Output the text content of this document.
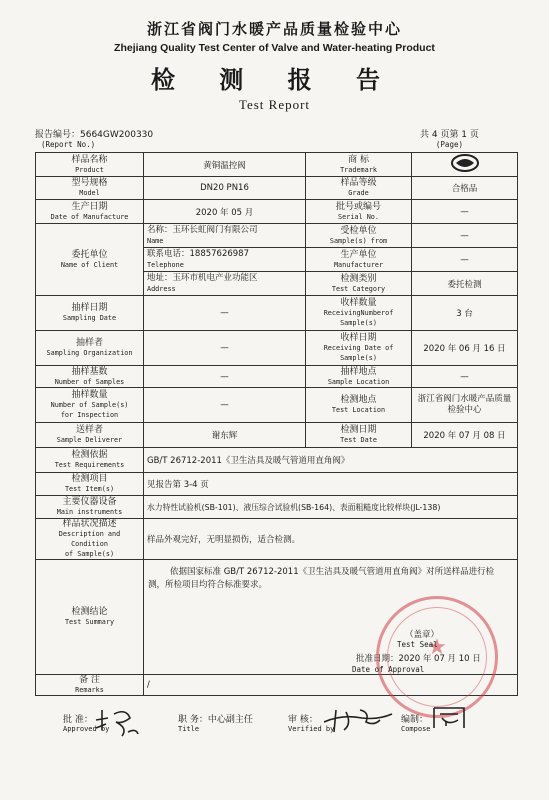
浙江省阀门水暖产品质量检验中心
Zhejiang Quality Test Center of Valve and Water-heating Product
检 测 报 告
Test Report
报告编号：5664GW200330
(Report No.)
共 4 页第 1 页
(Page)
样品名称
Product	黄铜温控阀	商 标
Trademark

型号规格
Model	DN20 PN16	样品等级
Grade	合格品

生产日期
Date of Manufacture	2020 年 05 月	批号或编号
Serial No.	—

委托单位
Name of Client	名称：玉环长虹阀门有限公司
Name	受检单位
Sample(s) from	—

	联系电话：18857626987
Telephone	生产单位
Manufacturer	—

	地址：玉环市机电产业功能区
Address	检测类别
Test Category	委托检测

抽样日期
Sampling Date	—	收样数量
ReceivingNumberof
Sample(s)	3 台

抽样者
Sampling Organization	—	收样日期
Receiving Date of
Sample(s)	2020 年 06 月 16 日

抽样基数
Number of Samples	—	抽样地点
Sample Location	—

抽样数量
Number of Sample(s)
for Inspection	—	检测地点
Test Location	浙江省阀门水暖产品质量
检验中心

送样者
Sample Deliverer	谢东辉	检测日期
Test Date	2020 年 07 月 08 日

检测依据
Test Requirements	GB/T 26712-2011《卫生洁具及暖气管道用直角阀》		

检测项目
Test Item(s)	见报告第 3-4 页		

主要仪器设备
Main instruments	水力特性试验机(SB-101)、液压综合试验机(SB-164)、表面粗糙度比较样块(JL-138)		

样品状况描述
Description and Condition
of Sample(s)	样品外观完好，无明显损伤，适合检测。		

检测结论
Test Summary	依据国家标准 GB/T 26712-2011《卫生洁具及暖气管道用直角阀》对所送样品进行检测，所检项目均符合标准要求。		

备 注
Remarks	/		
★
（盖章）
Test Seal
批准日期：2020 年 07 月 10 日
Date of Approval
批 准：
Approved by
职 务：中心副主任
Title
审 核：
Verified by
编制：
Compose
